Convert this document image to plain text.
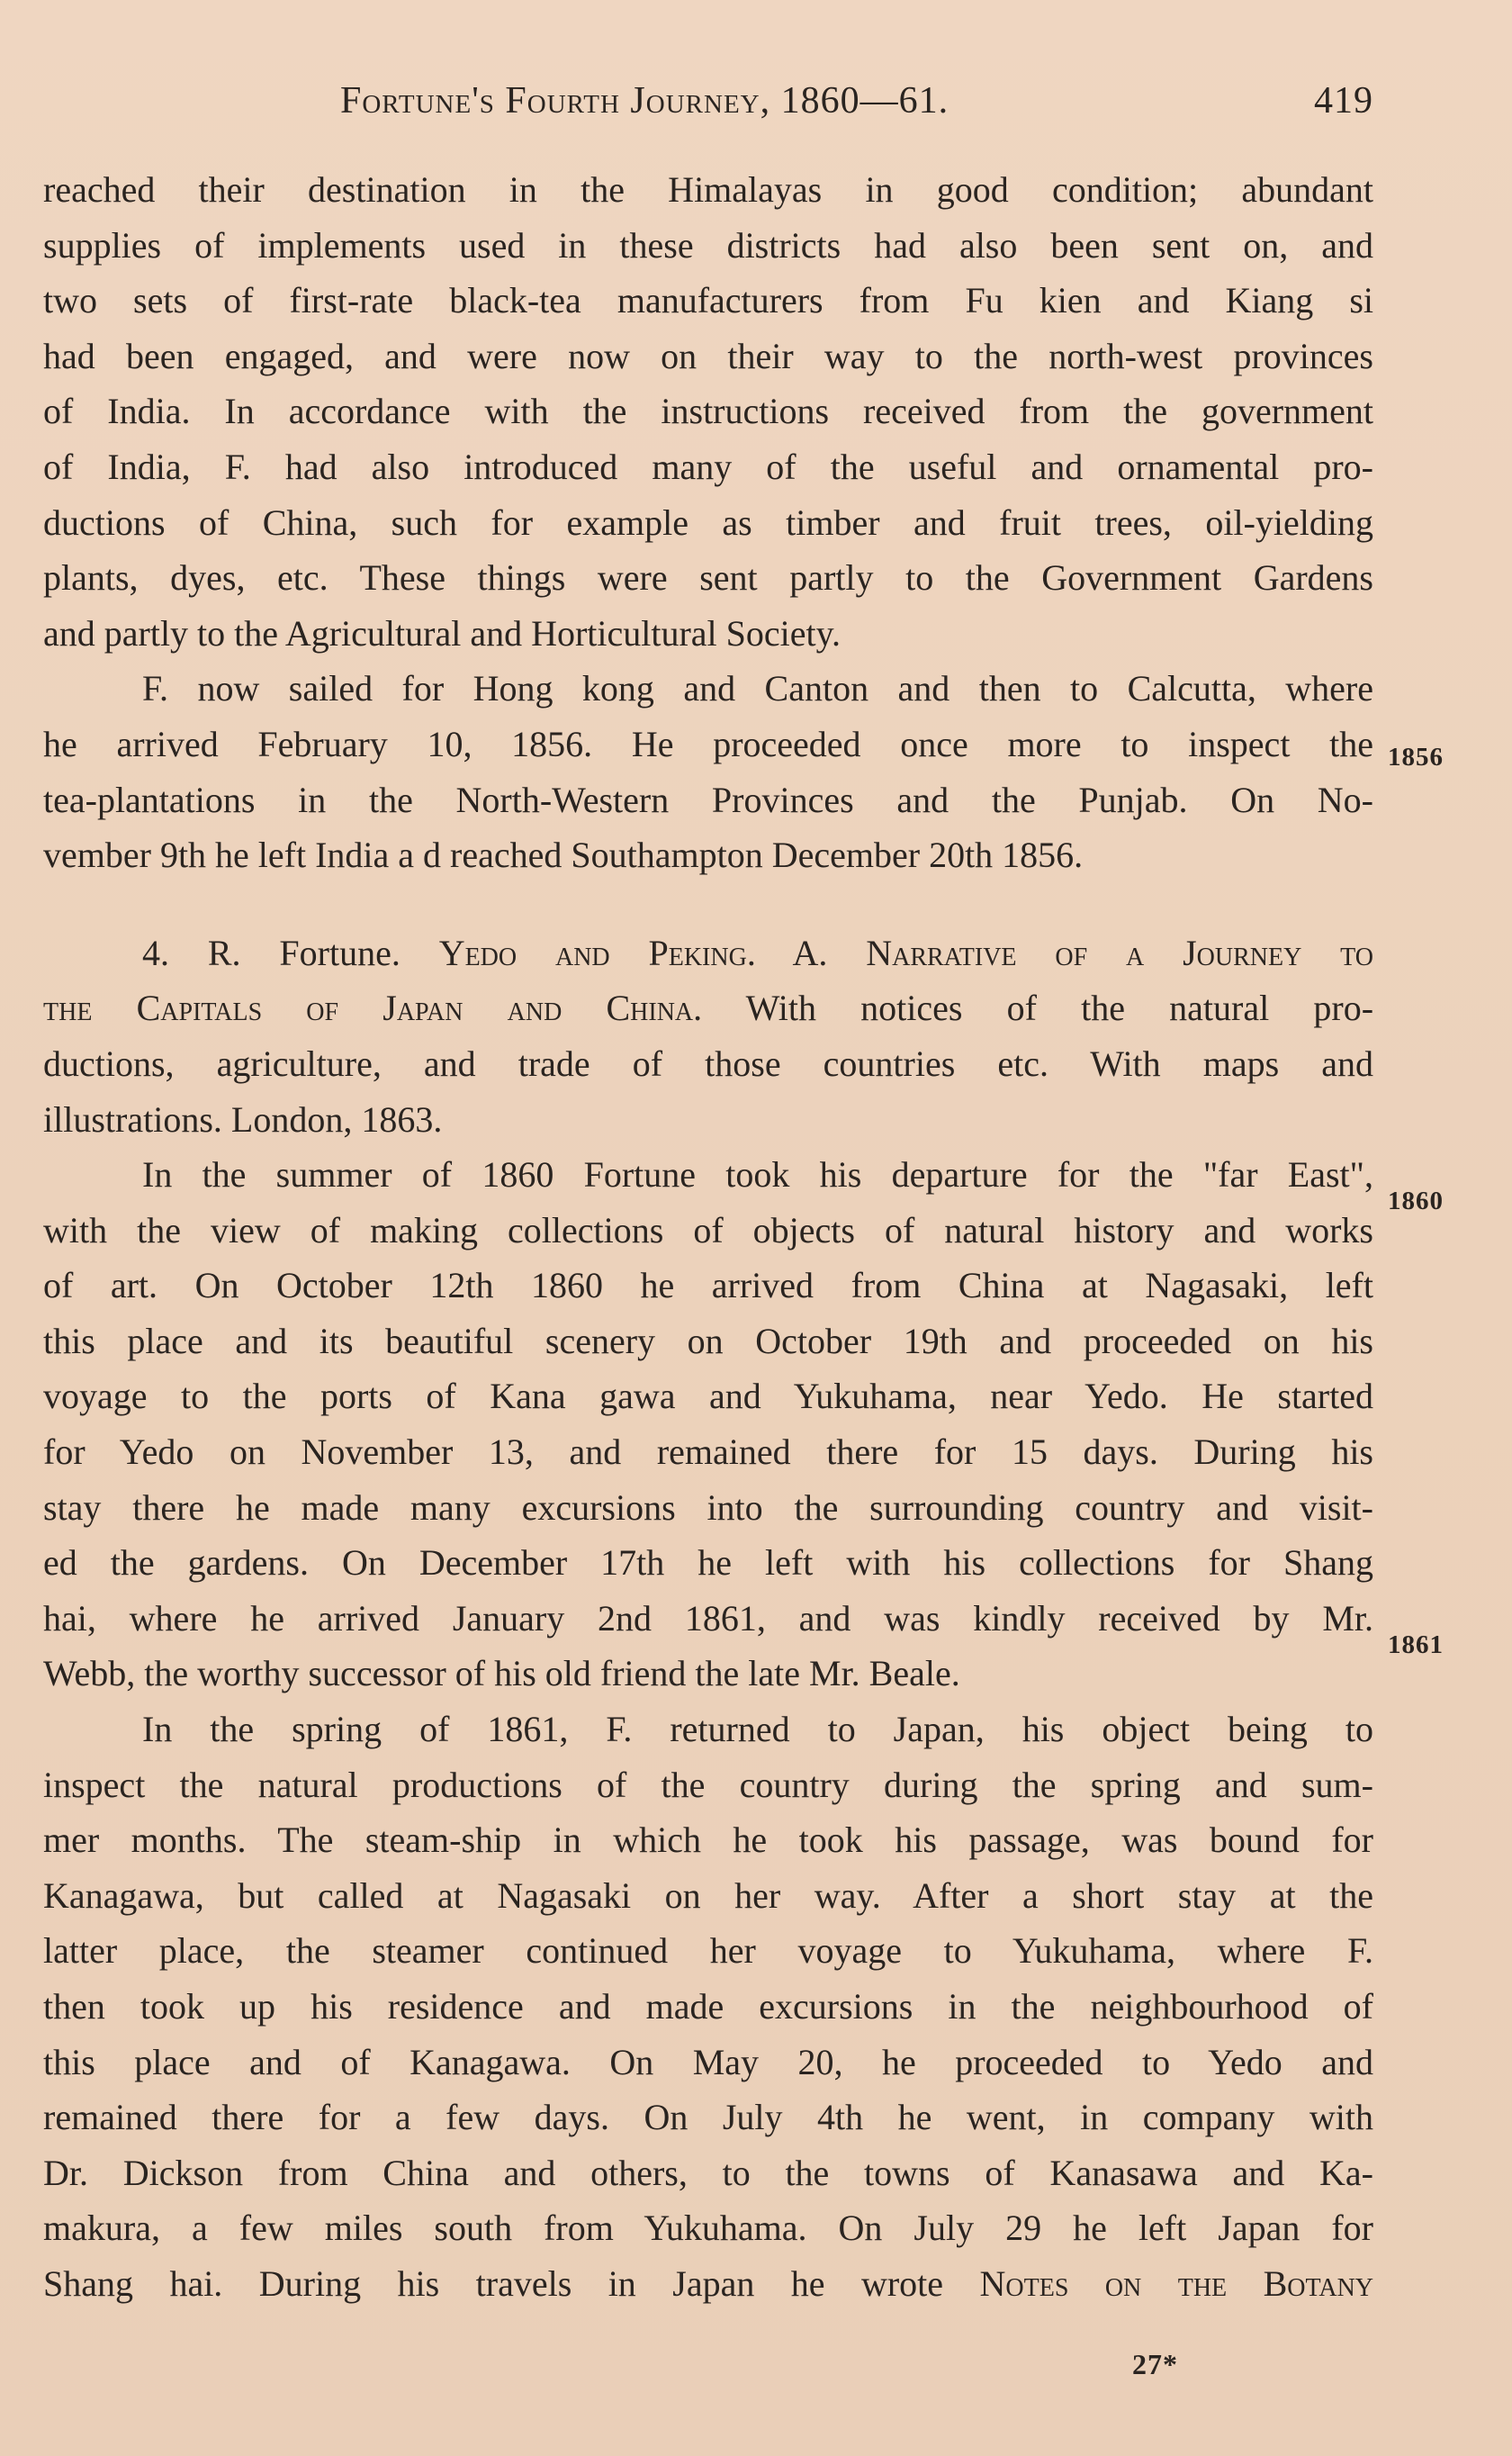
Fortune's Fourth Journey, 1860—61.	419
reached their destination in the Himalayas in good condition; abundant
supplies of implements used in these districts had also been sent on, and
two sets of first-rate black-tea manufacturers from Fu kien and Kiang si
had been engaged, and were now on their way to the north-west provinces
of India. In accordance with the instructions received from the government
of India, F. had also introduced many of the useful and ornamental pro-
ductions of China, such for example as timber and fruit trees, oil-yielding
plants, dyes, etc. These things were sent partly to the Government Gardens
and partly to the Agricultural and Horticultural Society.
F. now sailed for Hong kong and Canton and then to Calcutta, where
he arrived February 10, 1856. He proceeded once more to inspect the
tea-plantations in the North-Western Provinces and the Punjab. On No-
vember 9th he left India a d reached Southampton December 20th 1856.
4. R. Fortune. Yedo and Peking. A. Narrative of a Journey to
the Capitals of Japan and China. With notices of the natural pro-
ductions, agriculture, and trade of those countries etc. With maps and
illustrations. London, 1863.
In the summer of 1860 Fortune took his departure for the "far East",
with the view of making collections of objects of natural history and works
of art. On October 12th 1860 he arrived from China at Nagasaki, left
this place and its beautiful scenery on October 19th and proceeded on his
voyage to the ports of Kana gawa and Yukuhama, near Yedo. He started
for Yedo on November 13, and remained there for 15 days. During his
stay there he made many excursions into the surrounding country and visit-
ed the gardens. On December 17th he left with his collections for Shang
hai, where he arrived January 2nd 1861, and was kindly received by Mr.
Webb, the worthy successor of his old friend the late Mr. Beale.
In the spring of 1861, F. returned to Japan, his object being to
inspect the natural productions of the country during the spring and sum-
mer months. The steam-ship in which he took his passage, was bound for
Kanagawa, but called at Nagasaki on her way. After a short stay at the
latter place, the steamer continued her voyage to Yukuhama, where F.
then took up his residence and made excursions in the neighbourhood of
this place and of Kanagawa. On May 20, he proceeded to Yedo and
remained there for a few days. On July 4th he went, in company with
Dr. Dickson from China and others, to the towns of Kanasawa and Ka-
makura, a few miles south from Yukuhama. On July 29 he left Japan for
Shang hai. During his travels in Japan he wrote Notes on the Botany
1856
1860
1861
27*
